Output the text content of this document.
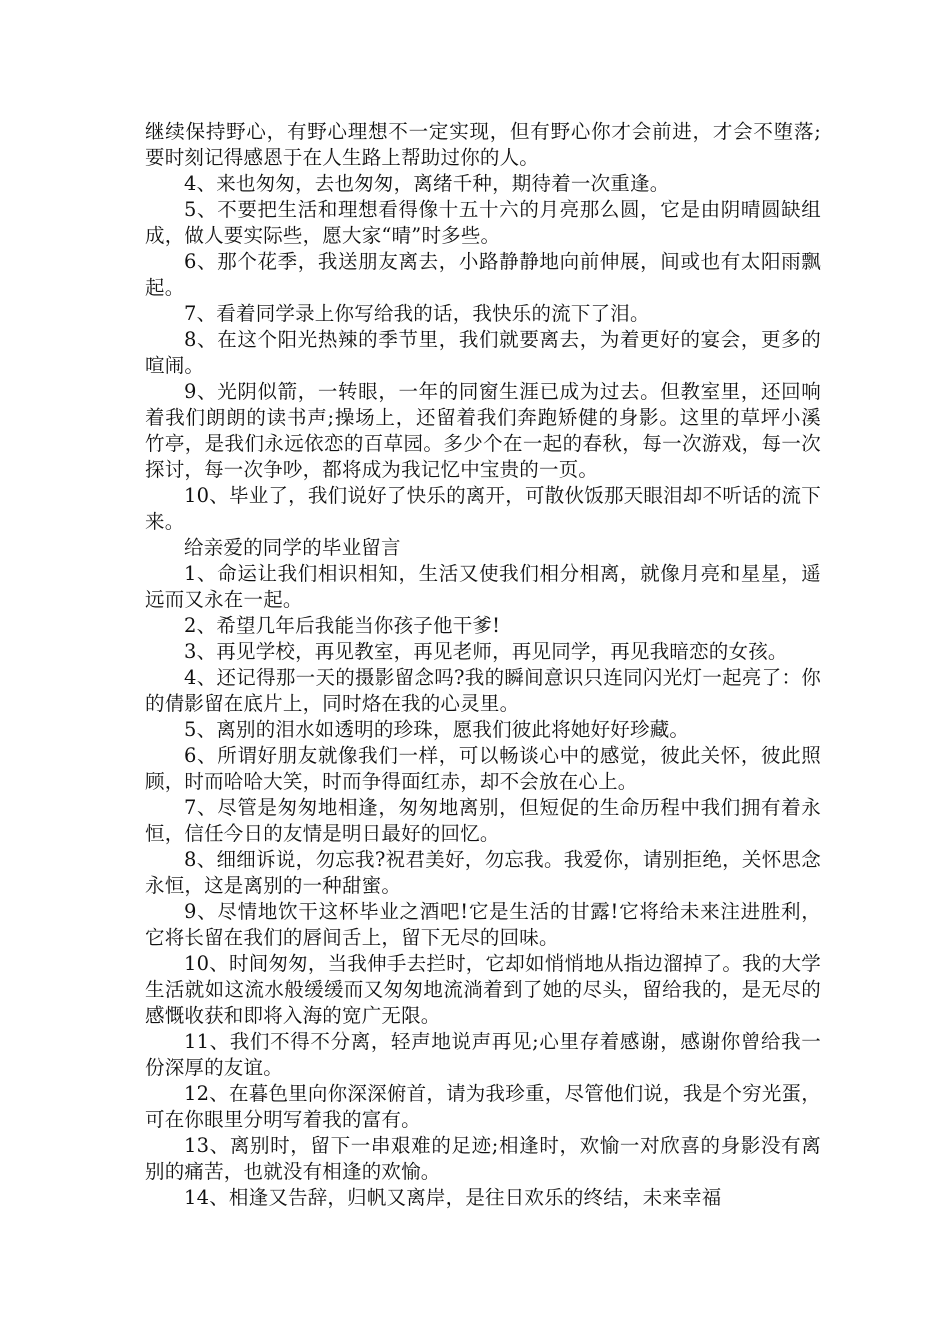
继续保持野心，有野心理想不一定实现，但有野心你才会前进，才会不堕落;要时刻记得感恩于在人生路上帮助过你的人。

4、来也匆匆，去也匆匆，离绪千种，期待着一次重逢。

5、不要把生活和理想看得像十五十六的月亮那么圆，它是由阴晴圆缺组成，做人要实际些，愿大家“晴”时多些。

6、那个花季，我送朋友离去，小路静静地向前伸展，间或也有太阳雨飘起。

7、看着同学录上你写给我的话，我快乐的流下了泪。

8、在这个阳光热辣的季节里，我们就要离去，为着更好的宴会，更多的喧闹。

9、光阴似箭，一转眼，一年的同窗生涯已成为过去。但教室里，还回响着我们朗朗的读书声;操场上，还留着我们奔跑矫健的身影。这里的草坪小溪竹亭，是我们永远依恋的百草园。多少个在一起的春秋，每一次游戏，每一次探讨，每一次争吵，都将成为我记忆中宝贵的一页。

10、毕业了，我们说好了快乐的离开，可散伙饭那天眼泪却不听话的流下来。

给亲爱的同学的毕业留言

1、命运让我们相识相知，生活又使我们相分相离，就像月亮和星星，遥远而又永在一起。

2、希望几年后我能当你孩子他干爹!

3、再见学校，再见教室，再见老师，再见同学，再见我暗恋的女孩。

4、还记得那一天的摄影留念吗?我的瞬间意识只连同闪光灯一起亮了：你的倩影留在底片上，同时烙在我的心灵里。

5、离别的泪水如透明的珍珠，愿我们彼此将她好好珍藏。

6、所谓好朋友就像我们一样，可以畅谈心中的感觉，彼此关怀，彼此照顾，时而哈哈大笑，时而争得面红赤，却不会放在心上。

7、尽管是匆匆地相逢，匆匆地离别，但短促的生命历程中我们拥有着永恒，信任今日的友情是明日最好的回忆。

8、细细诉说，勿忘我?祝君美好，勿忘我。我爱你，请别拒绝，关怀思念永恒，这是离别的一种甜蜜。

9、尽情地饮干这杯毕业之酒吧!它是生活的甘露!它将给未来注进胜利，它将长留在我们的唇间舌上，留下无尽的回味。

10、时间匆匆，当我伸手去拦时，它却如悄悄地从指边溜掉了。我的大学生活就如这流水般缓缓而又匆匆地流淌着到了她的尽头，留给我的，是无尽的感慨收获和即将入海的宽广无限。

11、我们不得不分离，轻声地说声再见;心里存着感谢，感谢你曾给我一份深厚的友谊。

12、在暮色里向你深深俯首，请为我珍重，尽管他们说，我是个穷光蛋，可在你眼里分明写着我的富有。

13、离别时，留下一串艰难的足迹;相逢时，欢愉一对欣喜的身影没有离别的痛苦，也就没有相逢的欢愉。

14、相逢又告辞，归帆又离岸，是往日欢乐的终结，未来幸福
